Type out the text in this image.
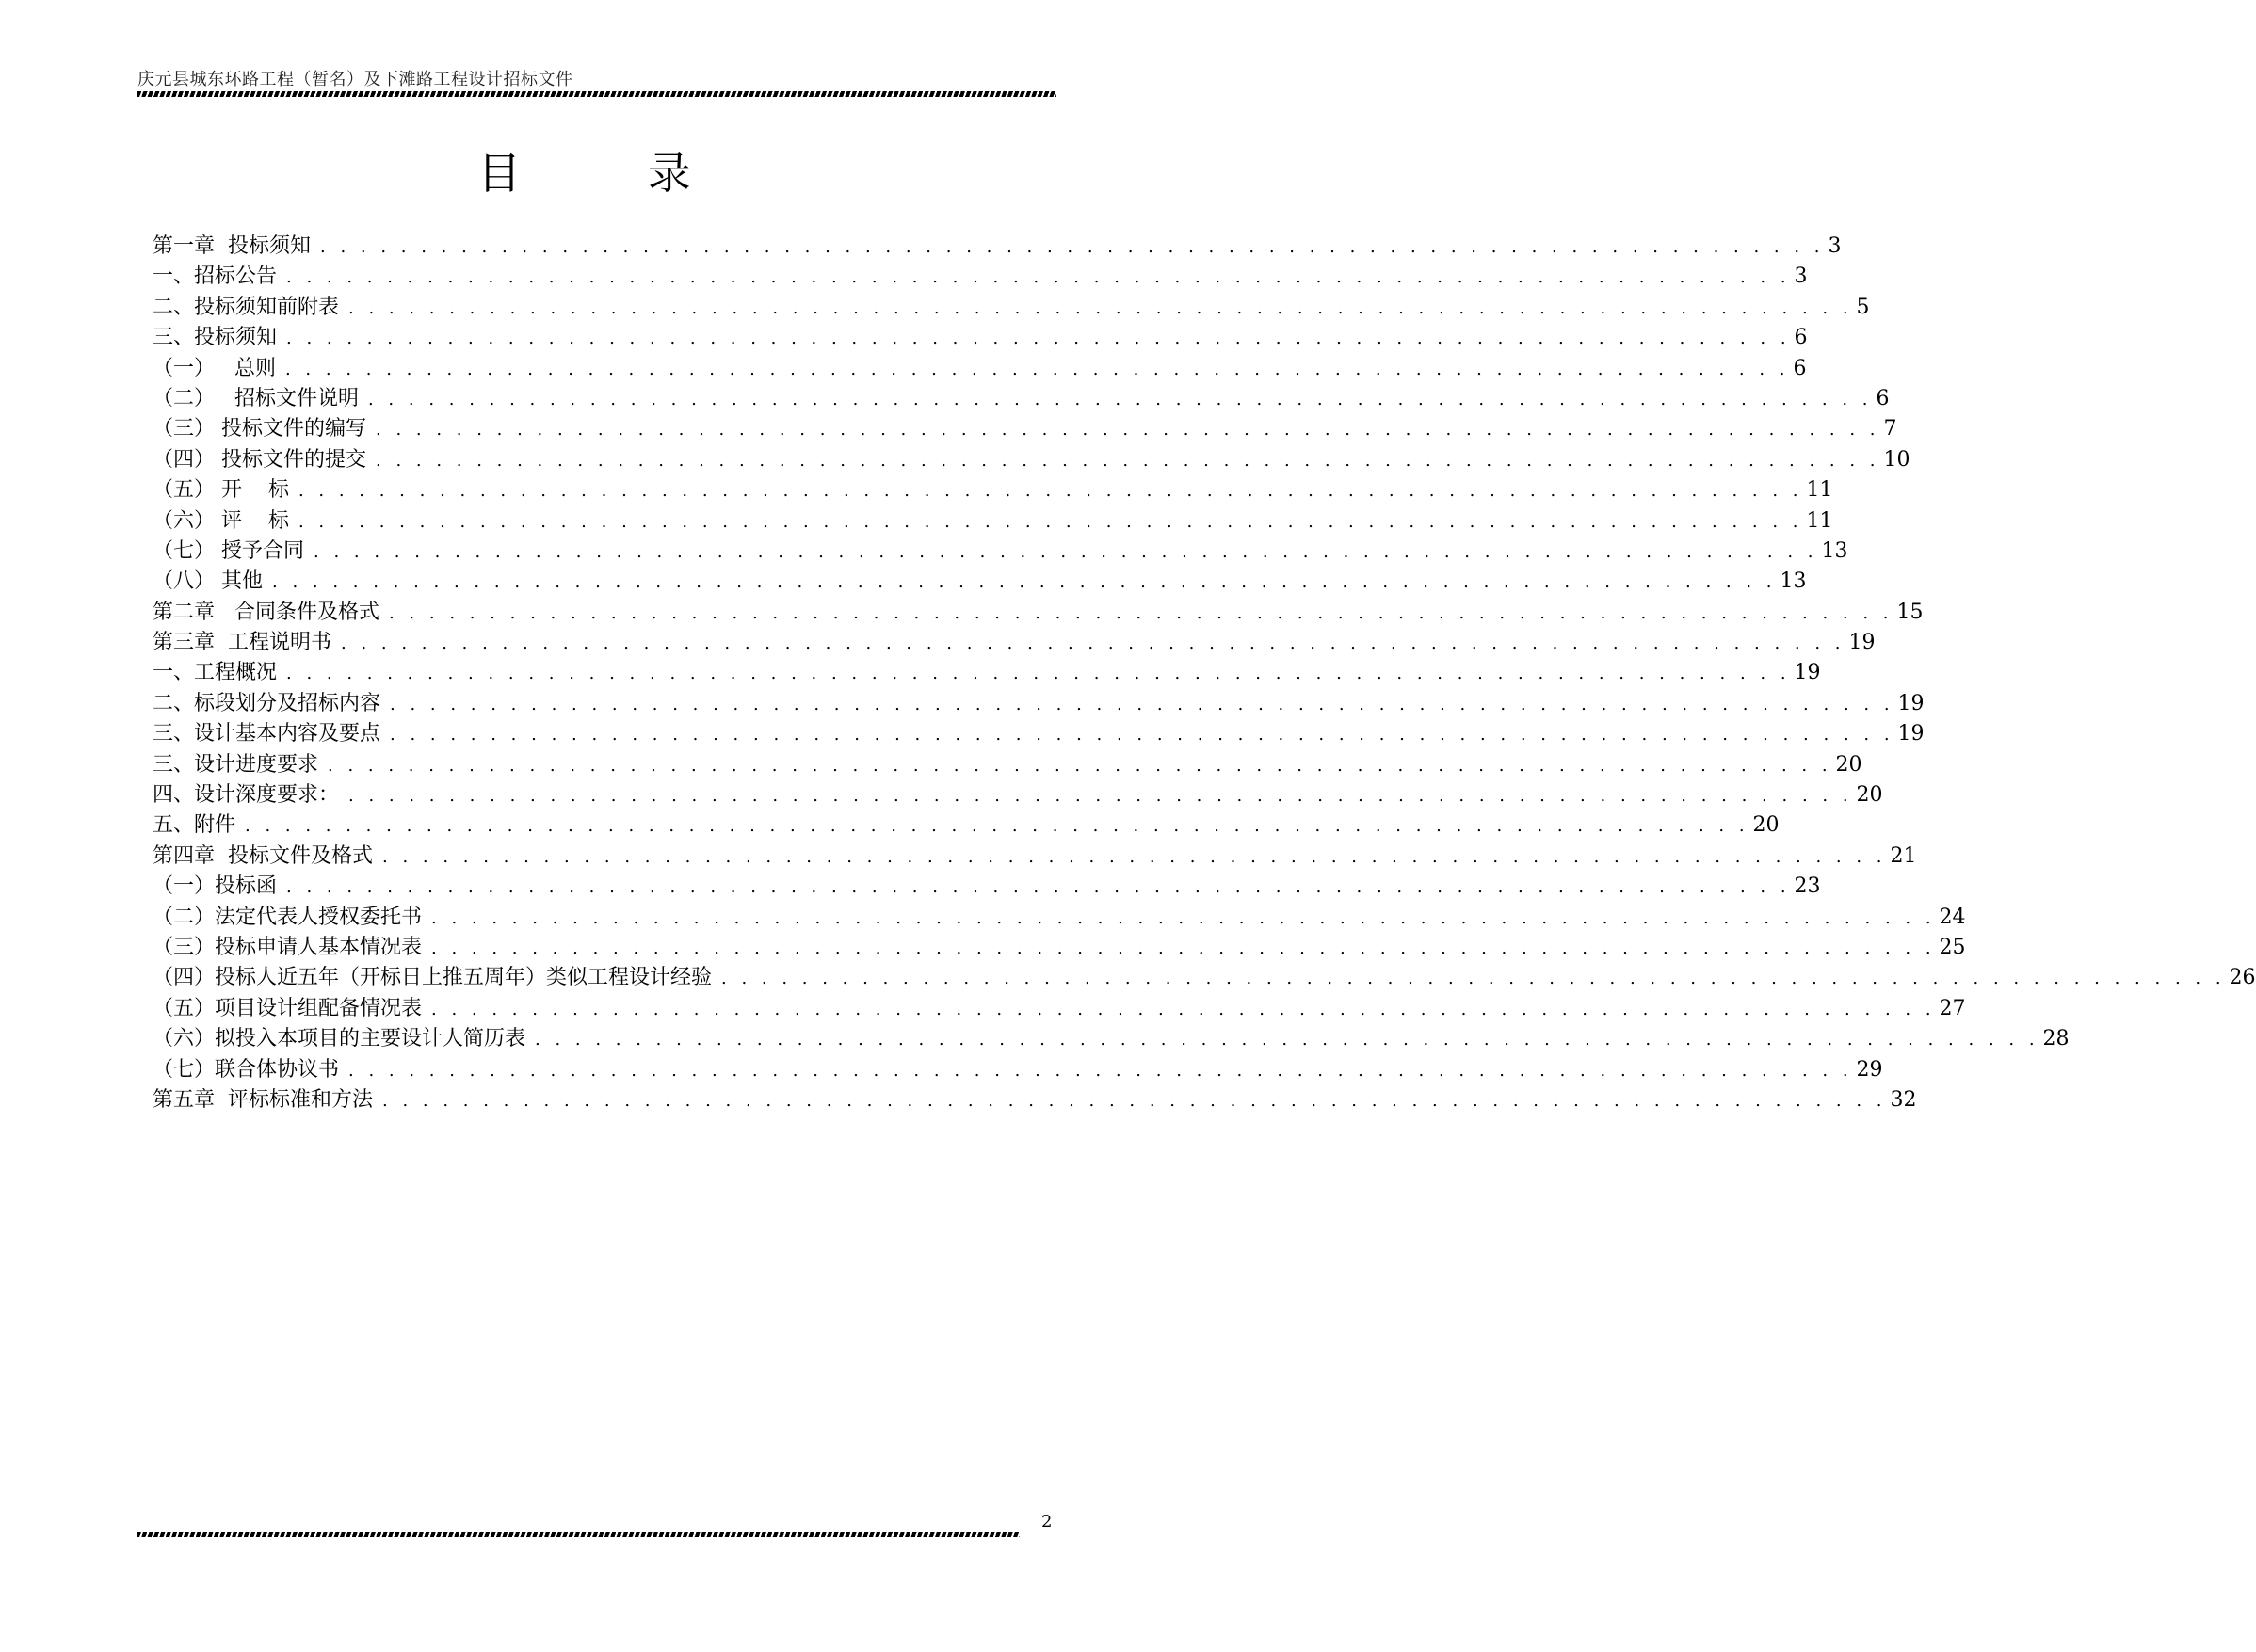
庆元县城东环路工程（暂名）及下滩路工程设计招标文件
目 录
第一章  投标须知 . . . . . . . . . . . . . . . . . . . . . . . . . . . . . . . . . . . . . . . . . . . . . . . . . . . . . . . . . . . . . . . . . . . . . . . . . . . 3
一、招标公告 . . . . . . . . . . . . . . . . . . . . . . . . . . . . . . . . . . . . . . . . . . . . . . . . . . . . . . . . . . . . . . . . . . . . . . . . . . . 3
二、投标须知前附表 . . . . . . . . . . . . . . . . . . . . . . . . . . . . . . . . . . . . . . . . . . . . . . . . . . . . . . . . . . . . . . . . . . . . . . . . . . . 5
三、投标须知 . . . . . . . . . . . . . . . . . . . . . . . . . . . . . . . . . . . . . . . . . . . . . . . . . . . . . . . . . . . . . . . . . . . . . . . . . . . 6
（一）   总则 . . . . . . . . . . . . . . . . . . . . . . . . . . . . . . . . . . . . . . . . . . . . . . . . . . . . . . . . . . . . . . . . . . . . . . . . . . . 6
（二）   招标文件说明 . . . . . . . . . . . . . . . . . . . . . . . . . . . . . . . . . . . . . . . . . . . . . . . . . . . . . . . . . . . . . . . . . . . . . . . . . . . 6
（三） 投标文件的编写 . . . . . . . . . . . . . . . . . . . . . . . . . . . . . . . . . . . . . . . . . . . . . . . . . . . . . . . . . . . . . . . . . . . . . . . . . . . 7
（四） 投标文件的提交 . . . . . . . . . . . . . . . . . . . . . . . . . . . . . . . . . . . . . . . . . . . . . . . . . . . . . . . . . . . . . . . . . . . . . . . . . . . 10
（五） 开    标 . . . . . . . . . . . . . . . . . . . . . . . . . . . . . . . . . . . . . . . . . . . . . . . . . . . . . . . . . . . . . . . . . . . . . . . . . . . 11
（六） 评    标 . . . . . . . . . . . . . . . . . . . . . . . . . . . . . . . . . . . . . . . . . . . . . . . . . . . . . . . . . . . . . . . . . . . . . . . . . . . 11
（七） 授予合同 . . . . . . . . . . . . . . . . . . . . . . . . . . . . . . . . . . . . . . . . . . . . . . . . . . . . . . . . . . . . . . . . . . . . . . . . . . . 13
（八） 其他 . . . . . . . . . . . . . . . . . . . . . . . . . . . . . . . . . . . . . . . . . . . . . . . . . . . . . . . . . . . . . . . . . . . . . . . . . . . 13
第二章   合同条件及格式 . . . . . . . . . . . . . . . . . . . . . . . . . . . . . . . . . . . . . . . . . . . . . . . . . . . . . . . . . . . . . . . . . . . . . . . . . . . 15
第三章  工程说明书 . . . . . . . . . . . . . . . . . . . . . . . . . . . . . . . . . . . . . . . . . . . . . . . . . . . . . . . . . . . . . . . . . . . . . . . . . . . 19
一、工程概况 . . . . . . . . . . . . . . . . . . . . . . . . . . . . . . . . . . . . . . . . . . . . . . . . . . . . . . . . . . . . . . . . . . . . . . . . . . . 19
二、标段划分及招标内容 . . . . . . . . . . . . . . . . . . . . . . . . . . . . . . . . . . . . . . . . . . . . . . . . . . . . . . . . . . . . . . . . . . . . . . . . . . . 19
三、设计基本内容及要点 . . . . . . . . . . . . . . . . . . . . . . . . . . . . . . . . . . . . . . . . . . . . . . . . . . . . . . . . . . . . . . . . . . . . . . . . . . . 19
三、设计进度要求 . . . . . . . . . . . . . . . . . . . . . . . . . . . . . . . . . . . . . . . . . . . . . . . . . . . . . . . . . . . . . . . . . . . . . . . . . . . 20
四、设计深度要求： . . . . . . . . . . . . . . . . . . . . . . . . . . . . . . . . . . . . . . . . . . . . . . . . . . . . . . . . . . . . . . . . . . . . . . . . . . . 20
五、附件 . . . . . . . . . . . . . . . . . . . . . . . . . . . . . . . . . . . . . . . . . . . . . . . . . . . . . . . . . . . . . . . . . . . . . . . . . . . 20
第四章  投标文件及格式 . . . . . . . . . . . . . . . . . . . . . . . . . . . . . . . . . . . . . . . . . . . . . . . . . . . . . . . . . . . . . . . . . . . . . . . . . . . 21
（一）投标函 . . . . . . . . . . . . . . . . . . . . . . . . . . . . . . . . . . . . . . . . . . . . . . . . . . . . . . . . . . . . . . . . . . . . . . . . . . . 23
（二）法定代表人授权委托书 . . . . . . . . . . . . . . . . . . . . . . . . . . . . . . . . . . . . . . . . . . . . . . . . . . . . . . . . . . . . . . . . . . . . . . . . . . . 24
（三）投标申请人基本情况表 . . . . . . . . . . . . . . . . . . . . . . . . . . . . . . . . . . . . . . . . . . . . . . . . . . . . . . . . . . . . . . . . . . . . . . . . . . . 25
（四）投标人近五年（开标日上推五周年）类似工程设计经验 . . . . . . . . . . . . . . . . . . . . . . . . . . . . . . . . . . . . . . . . . . . . . . . . . . . . . . . . . . . . . . . . . . . . . . . . . . . 26
（五）项目设计组配备情况表 . . . . . . . . . . . . . . . . . . . . . . . . . . . . . . . . . . . . . . . . . . . . . . . . . . . . . . . . . . . . . . . . . . . . . . . . . . . 27
（六）拟投入本项目的主要设计人简历表 . . . . . . . . . . . . . . . . . . . . . . . . . . . . . . . . . . . . . . . . . . . . . . . . . . . . . . . . . . . . . . . . . . . . . . . . . . . 28
（七）联合体协议书 . . . . . . . . . . . . . . . . . . . . . . . . . . . . . . . . . . . . . . . . . . . . . . . . . . . . . . . . . . . . . . . . . . . . . . . . . . . 29
第五章  评标标准和方法 . . . . . . . . . . . . . . . . . . . . . . . . . . . . . . . . . . . . . . . . . . . . . . . . . . . . . . . . . . . . . . . . . . . . . . . . . . . 32
2
